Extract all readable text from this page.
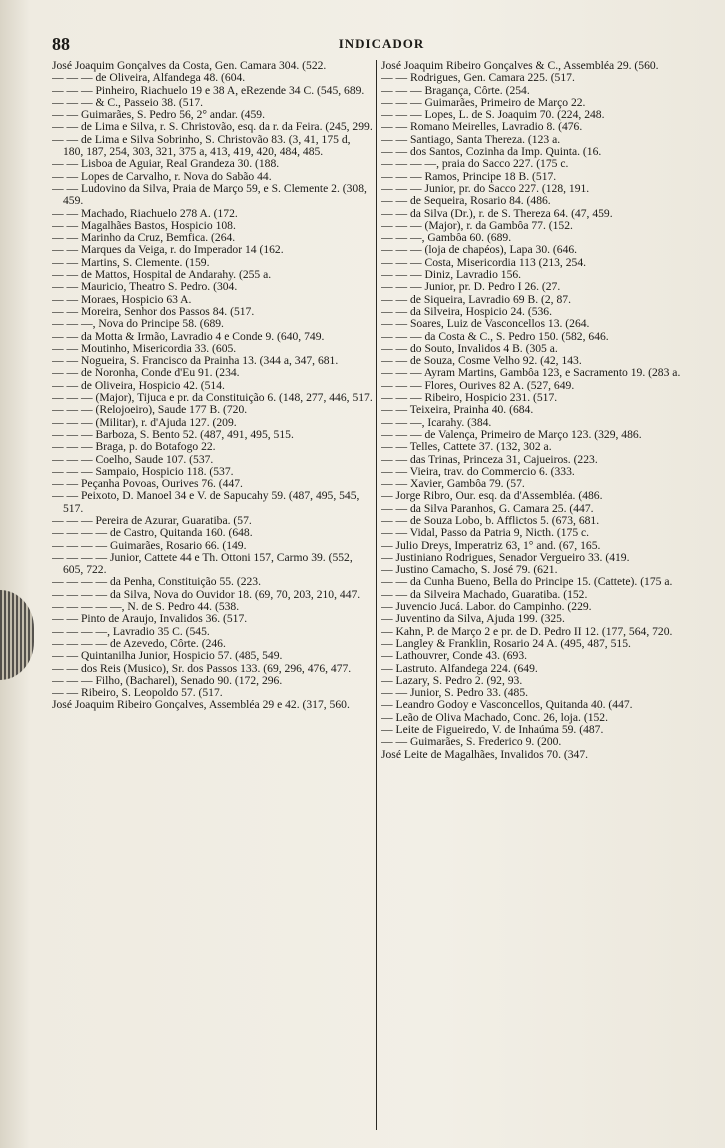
88	INDICADOR

José Joaquim Gonçalves da Costa, Gen. Camara 304. (522.

— — — de Oliveira, Alfandega 48. (604.

— — — Pinheiro, Riachuelo 19 e 38 A, eRezende 34 C. (545, 689.

— — — & C., Passeio 38. (517.

— — Guimarães, S. Pedro 56, 2° andar. (459.

— — de Lima e Silva, r. S. Christovão, esq. da r. da Feira. (245, 299.

— — de Lima e Silva Sobrinho, S. Christovão 83. (3, 41, 175 d, 180, 187, 254, 303, 321, 375 a, 413, 419, 420, 484, 485.

— — Lisboa de Aguiar, Real Grandeza 30. (188.

— — Lopes de Carvalho, r. Nova do Sabão 44.

— — Ludovino da Silva, Praia de Março 59, e S. Clemente 2. (308, 459.

— — Machado, Riachuelo 278 A. (172.

— — Magalhães Bastos, Hospicio 108.

— — Marinho da Cruz, Bemfica. (264.

— — Marques da Veiga, r. do Imperador 14 (162.

— — Martins, S. Clemente. (159.

— — de Mattos, Hospital de Andarahy. (255 a.

— — Mauricio, Theatro S. Pedro. (304.

— — Moraes, Hospicio 63 A.

— — Moreira, Senhor dos Passos 84. (517.

— — —, Nova do Principe 58. (689.

— — da Motta & Irmão, Lavradio 4 e Conde 9. (640, 749.

— — Moutinho, Misericordia 33. (605.

— — Nogueira, S. Francisco da Prainha 13. (344 a, 347, 681.

— — de Noronha, Conde d'Eu 91. (234.

— — de Oliveira, Hospicio 42. (514.

— — — (Major), Tijuca e pr. da Constituição 6. (148, 277, 446, 517.

— — — (Relojoeiro), Saude 177 B. (720.

— — — (Militar), r. d'Ajuda 127. (209.

— — — Barboza, S. Bento 52. (487, 491, 495, 515.

— — — Braga, p. do Botafogo 22.

— — — Coelho, Saude 107. (537.

— — — Sampaio, Hospicio 118. (537.

— — Peçanha Povoas, Ourives 76. (447.

— — Peixoto, D. Manoel 34 e V. de Sapucahy 59. (487, 495, 545, 517.

— — — Pereira de Azurar, Guaratiba. (57.

— — — — de Castro, Quitanda 160. (648.

— — — — Guimarães, Rosario 66. (149.

— — — — Junior, Cattete 44 e Th. Ottoni 157, Carmo 39. (552, 605, 722.

— — — — da Penha, Constituição 55. (223.

— — — — da Silva, Nova do Ouvidor 18. (69, 70, 203, 210, 447.

— — — — —, N. de S. Pedro 44. (538.

— — Pinto de Araujo, Invalidos 36. (517.

— — — —, Lavradio 35 C. (545.

— — — — de Azevedo, Côrte. (246.

— — Quintanilha Junior, Hospicio 57. (485, 549.

— — dos Reis (Musico), Sr. dos Passos 133. (69, 296, 476, 477.

— — — Filho, (Bacharel), Senado 90. (172, 296.

— — Ribeiro, S. Leopoldo 57. (517.

José Joaquim Ribeiro Gonçalves, Assembléa 29 e 42. (317, 560.

José Joaquim Ribeiro Gonçalves & C., Assembléa 29. (560.

— — Rodrigues, Gen. Camara 225. (517.

— — — Bragança, Côrte. (254.

— — — Guimarães, Primeiro de Março 22.

— — — Lopes, L. de S. Joaquim 70. (224, 248.

— — Romano Meirelles, Lavradio 8. (476.

— — Santiago, Santa Thereza. (123 a.

— — dos Santos, Cozinha da Imp. Quinta. (16.

— — — —, praia do Sacco 227. (175 c.

— — — Ramos, Principe 18 B. (517.

— — — Junior, pr. do Sacco 227. (128, 191.

— — de Sequeira, Rosario 84. (486.

— — da Silva (Dr.), r. de S. Thereza 64. (47, 459.

— — — (Major), r. da Gambôa 77. (152.

— — —, Gambôa 60. (689.

— — — (loja de chapéos), Lapa 30. (646.

— — — Costa, Misericordia 113 (213, 254.

— — — Diniz, Lavradio 156.

— — — Junior, pr. D. Pedro I 26. (27.

— — de Siqueira, Lavradio 69 B. (2, 87.

— — da Silveira, Hospicio 24. (536.

— — Soares, Luiz de Vasconcellos 13. (264.

— — — da Costa & C., S. Pedro 150. (582, 646.

— — do Souto, Invalidos 4 B. (305 a.

— — de Souza, Cosme Velho 92. (42, 143.

— — — Ayram Martins, Gambôa 123, e Sacramento 19. (283 a.

— — — Flores, Ourives 82 A. (527, 649.

— — — Ribeiro, Hospicio 231. (517.

— — Teixeira, Prainha 40. (684.

— — —, Icarahy. (384.

— — — de Valença, Primeiro de Março 123. (329, 486.

— — Telles, Cattete 37. (132, 302 a.

— — das Trinas, Princeza 31, Cajueiros. (223.

— — Vieira, trav. do Commercio 6. (333.

— — Xavier, Gambôa 79. (57.

— Jorge Ribro, Our. esq. da d'Assembléa. (486.

— — da Silva Paranhos, G. Camara 25. (447.

— — de Souza Lobo, b. Afflictos 5. (673, 681.

— — Vidal, Passo da Patria 9, Nicth. (175 c.

— Julio Dreys, Imperatriz 63, 1° and. (67, 165.

— Justiniano Rodrigues, Senador Vergueiro 33. (419.

— Justino Camacho, S. José 79. (621.

— — da Cunha Bueno, Bella do Principe 15. (Cattete). (175 a.

— — da Silveira Machado, Guaratiba. (152.

— Juvencio Jucá. Labor. do Campinho. (229.

— Juventino da Silva, Ajuda 199. (325.

— Kahn, P. de Março 2 e pr. de D. Pedro II 12. (177, 564, 720.

— Langley & Franklin, Rosario 24 A. (495, 487, 515.

— Lathouvrer, Conde 43. (693.

— Lastruto. Alfandega 224. (649.

— Lazary, S. Pedro 2. (92, 93.

— — Junior, S. Pedro 33. (485.

— Leandro Godoy e Vasconcellos, Quitanda 40. (447.

— Leão de Oliva Machado, Conc. 26, loja. (152.

— Leite de Figueiredo, V. de Inhaúma 59. (487.

— — Guimarães, S. Frederico 9. (200.

José Leite de Magalhães, Invalidos 70. (347.
